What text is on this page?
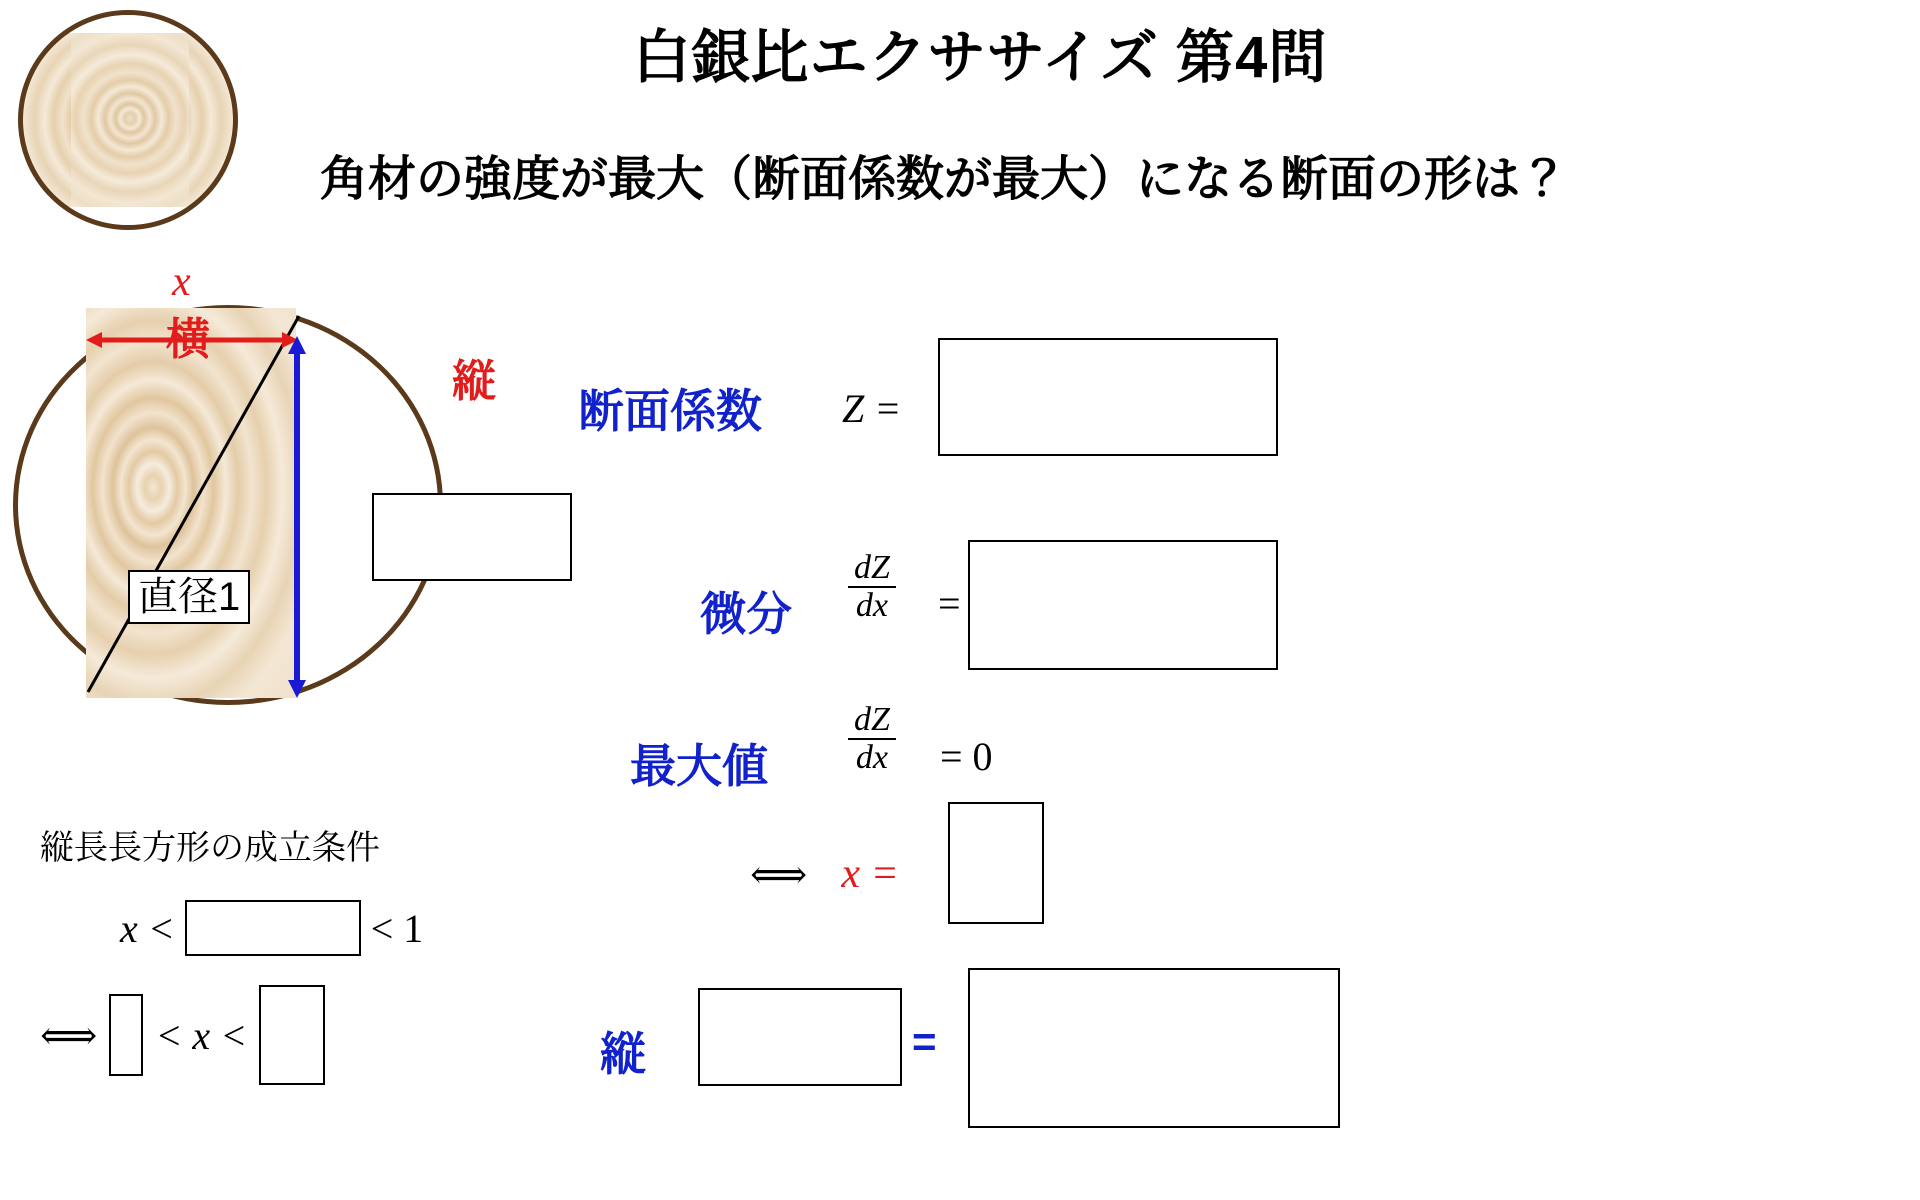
白銀比エクササイズ 第4問
角材の強度が最大（断面係数が最大）になる断面の形は？
x
横
縦
直径1
縦長長方形の成立条件
x <	< 1
⟺ < x <
断面係数 Z =
微分 $\frac{dZ}{dx}$ =
最大値 $\frac{dZ}{dx} = 0$
⟺ x =
縦	=
